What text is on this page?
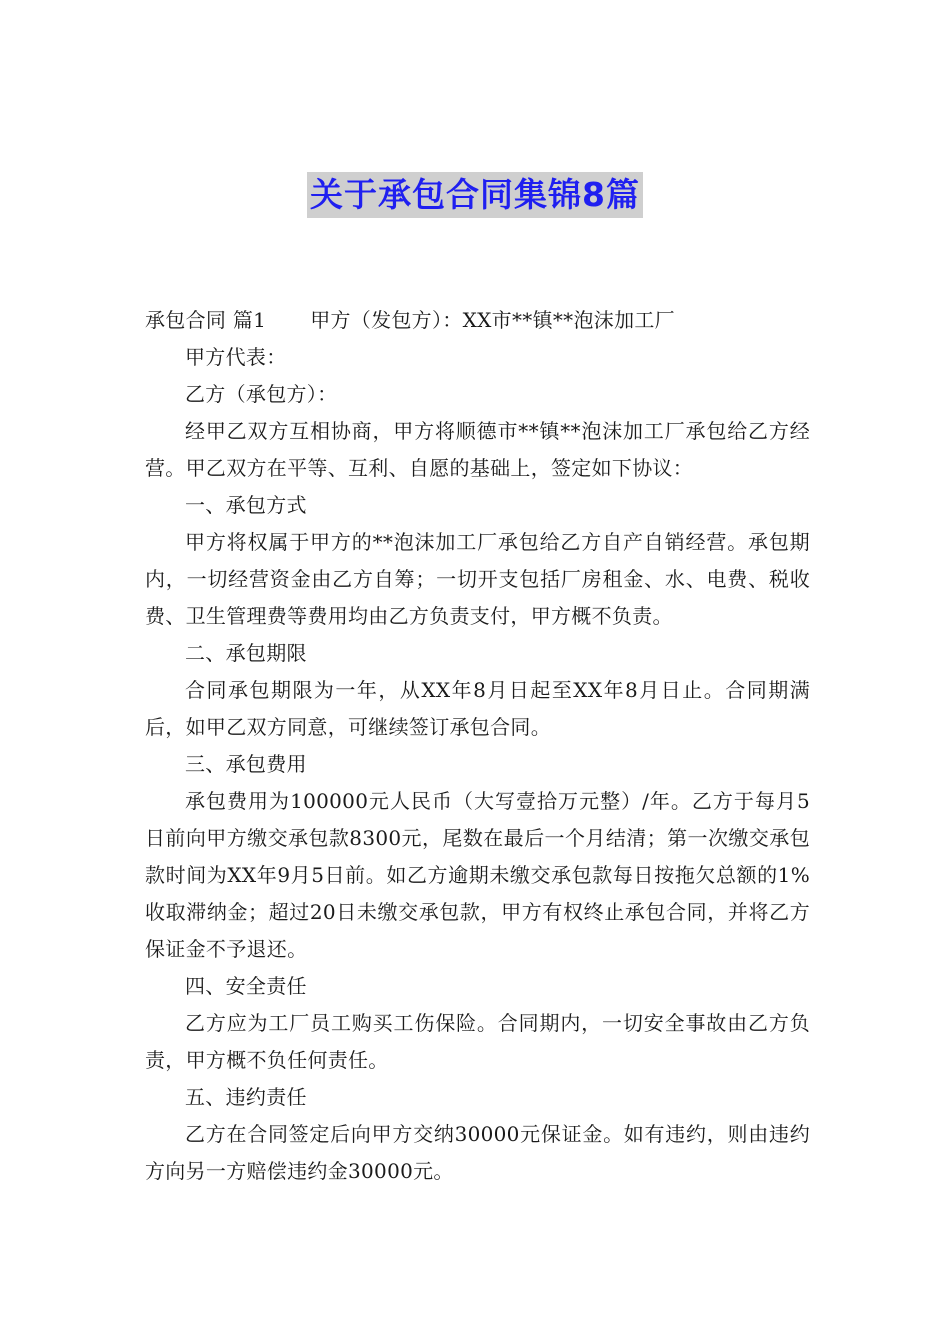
关于承包合同集锦8篇

承包合同 篇1 甲方（发包方）：XX市**镇**泡沫加工厂

甲方代表：

乙方（承包方）：

经甲乙双方互相协商，甲方将顺德市**镇**泡沫加工厂承包给乙方经营。甲乙双方在平等、互利、自愿的基础上，签定如下协议：

一、承包方式

甲方将权属于甲方的**泡沫加工厂承包给乙方自产自销经营。承包期内，一切经营资金由乙方自筹；一切开支包括厂房租金、水、电费、税收费、卫生管理费等费用均由乙方负责支付，甲方概不负责。

二、承包期限

合同承包期限为一年，从XX年8月日起至XX年8月日止。合同期满后，如甲乙双方同意，可继续签订承包合同。

三、承包费用

承包费用为100000元人民币（大写壹拾万元整）/年。乙方于每月5日前向甲方缴交承包款8300元，尾数在最后一个月结清；第一次缴交承包款时间为XX年9月5日前。如乙方逾期未缴交承包款每日按拖欠总额的1%收取滞纳金；超过20日未缴交承包款，甲方有权终止承包合同，并将乙方保证金不予退还。

四、安全责任

乙方应为工厂员工购买工伤保险。合同期内，一切安全事故由乙方负责，甲方概不负任何责任。

五、违约责任

乙方在合同签定后向甲方交纳30000元保证金。如有违约，则由违约方向另一方赔偿违约金30000元。
